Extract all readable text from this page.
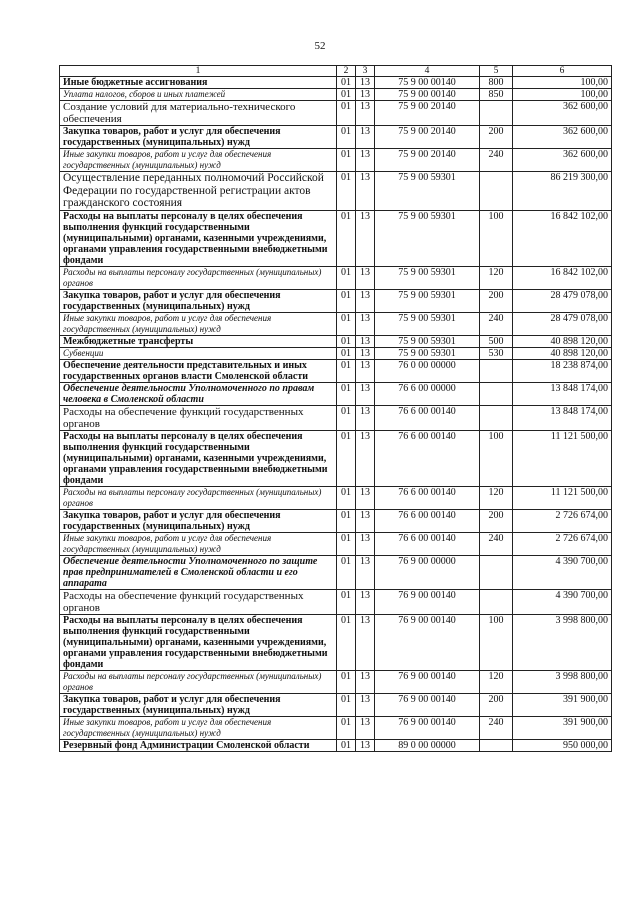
52
1	2	3	4	5	6
Иные бюджетные ассигнования	01	13	75 9 00 00140	800	100,00
Уплата налогов, сборов и иных платежей	01	13	75 9 00 00140	850	100,00
Создание условий для материально-технического обеспечения	01	13	75 9 00 20140		362 600,00
Закупка товаров, работ и услуг для обеспечения государственных (муниципальных) нужд	01	13	75 9 00 20140	200	362 600,00
Иные закупки товаров, работ и услуг для обеспечения государственных (муниципальных) нужд	01	13	75 9 00 20140	240	362 600,00
Осуществление переданных полномочий Российской Федерации по государственной регистрации актов гражданского состояния	01	13	75 9 00 59301		86 219 300,00
Расходы на выплаты персоналу в целях обеспечения выполнения функций государственными (муниципальными) органами, казенными учреждениями, органами управления государственными внебюджетными фондами	01	13	75 9 00 59301	100	16 842 102,00
Расходы на выплаты персоналу государственных (муниципальных) органов	01	13	75 9 00 59301	120	16 842 102,00
Закупка товаров, работ и услуг для обеспечения государственных (муниципальных) нужд	01	13	75 9 00 59301	200	28 479 078,00
Иные закупки товаров, работ и услуг для обеспечения государственных (муниципальных) нужд	01	13	75 9 00 59301	240	28 479 078,00
Межбюджетные трансферты	01	13	75 9 00 59301	500	40 898 120,00
Субвенции	01	13	75 9 00 59301	530	40 898 120,00
Обеспечение деятельности представительных и иных государственных органов власти Смоленской области	01	13	76 0 00 00000		18 238 874,00
Обеспечение деятельности Уполномоченного по правам человека в Смоленской области	01	13	76 6 00 00000		13 848 174,00
Расходы на обеспечение функций государственных органов	01	13	76 6 00 00140		13 848 174,00
Расходы на выплаты персоналу в целях обеспечения выполнения функций государственными (муниципальными) органами, казенными учреждениями, органами управления государственными внебюджетными фондами	01	13	76 6 00 00140	100	11 121 500,00
Расходы на выплаты персоналу государственных (муниципальных) органов	01	13	76 6 00 00140	120	11 121 500,00
Закупка товаров, работ и услуг для обеспечения государственных (муниципальных) нужд	01	13	76 6 00 00140	200	2 726 674,00
Иные закупки товаров, работ и услуг для обеспечения государственных (муниципальных) нужд	01	13	76 6 00 00140	240	2 726 674,00
Обеспечение деятельности Уполномоченного по защите прав предпринимателей в Смоленской области и его аппарата	01	13	76 9 00 00000		4 390 700,00
Расходы на обеспечение функций государственных органов	01	13	76 9 00 00140		4 390 700,00
Расходы на выплаты персоналу в целях обеспечения выполнения функций государственными (муниципальными) органами, казенными учреждениями, органами управления государственными внебюджетными фондами	01	13	76 9 00 00140	100	3 998 800,00
Расходы на выплаты персоналу государственных (муниципальных) органов	01	13	76 9 00 00140	120	3 998 800,00
Закупка товаров, работ и услуг для обеспечения государственных (муниципальных) нужд	01	13	76 9 00 00140	200	391 900,00
Иные закупки товаров, работ и услуг для обеспечения государственных (муниципальных) нужд	01	13	76 9 00 00140	240	391 900,00
Резервный фонд Администрации Смоленской области	01	13	89 0 00 00000		950 000,00
